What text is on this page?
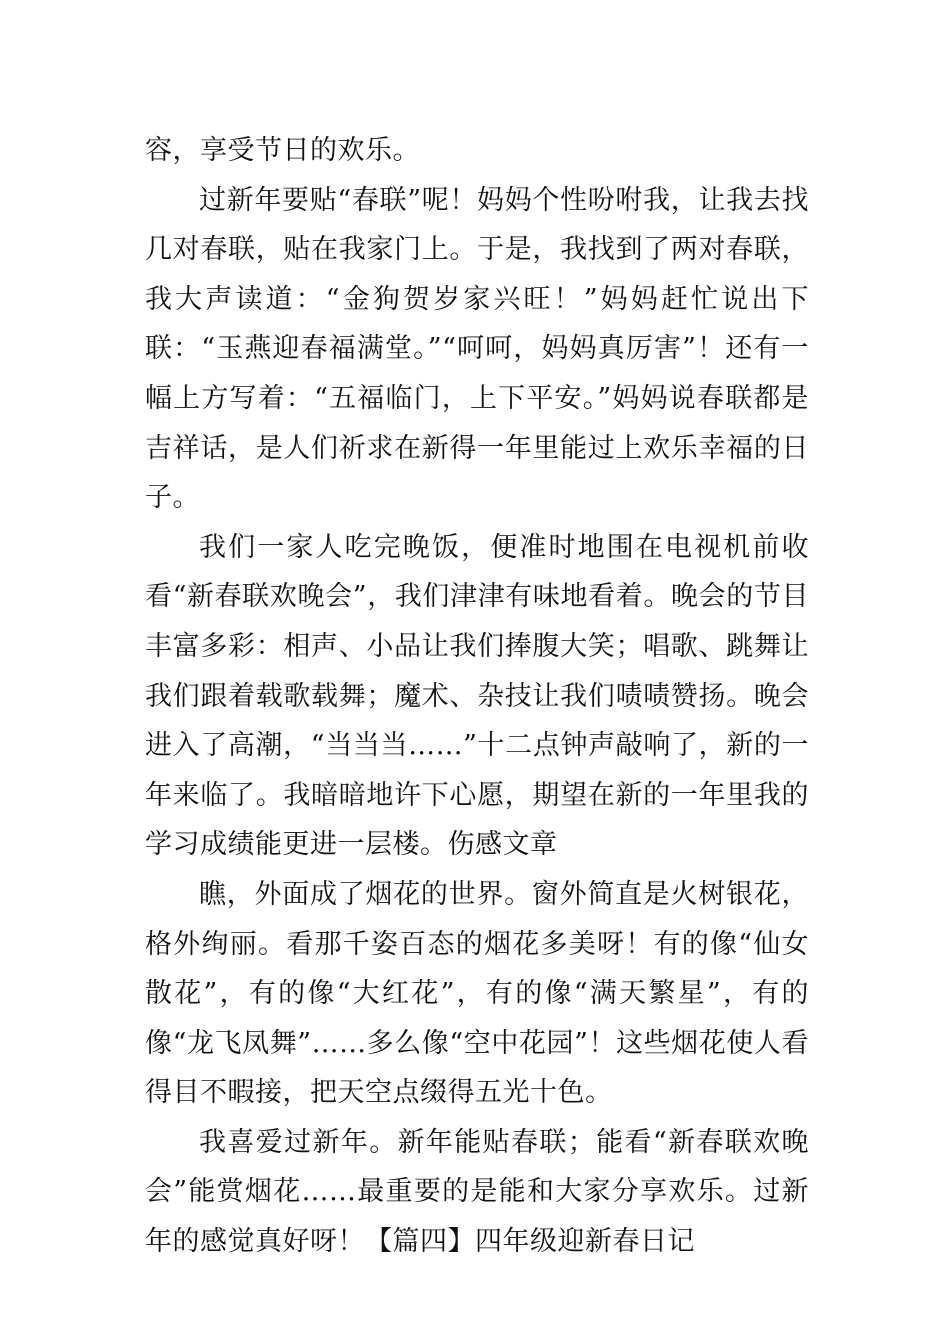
容，享受节日的欢乐。

过新年要贴“春联”呢！妈妈个性吩咐我，让我去找几对春联，贴在我家门上。于是，我找到了两对春联，我大声读道：“金狗贺岁家兴旺！”妈妈赶忙说出下联：“玉燕迎春福满堂。”“呵呵，妈妈真厉害”！还有一幅上方写着：“五福临门，上下平安。”妈妈说春联都是吉祥话，是人们祈求在新得一年里能过上欢乐幸福的日子。

我们一家人吃完晚饭，便准时地围在电视机前收看“新春联欢晚会”，我们津津有味地看着。晚会的节目丰富多彩：相声、小品让我们捧腹大笑；唱歌、跳舞让我们跟着载歌载舞；魔术、杂技让我们啧啧赞扬。晚会进入了高潮，“当当当……”十二点钟声敲响了，新的一年来临了。我暗暗地许下心愿，期望在新的一年里我的学习成绩能更进一层楼。伤感文章

瞧，外面成了烟花的世界。窗外简直是火树银花，格外绚丽。看那千姿百态的烟花多美呀！有的像“仙女散花”，有的像“大红花”，有的像“满天繁星”，有的像“龙飞凤舞”……多么像“空中花园”！这些烟花使人看得目不暇接，把天空点缀得五光十色。

我喜爱过新年。新年能贴春联；能看“新春联欢晚会”能赏烟花……最重要的是能和大家分享欢乐。过新年的感觉真好呀！【篇四】四年级迎新春日记
